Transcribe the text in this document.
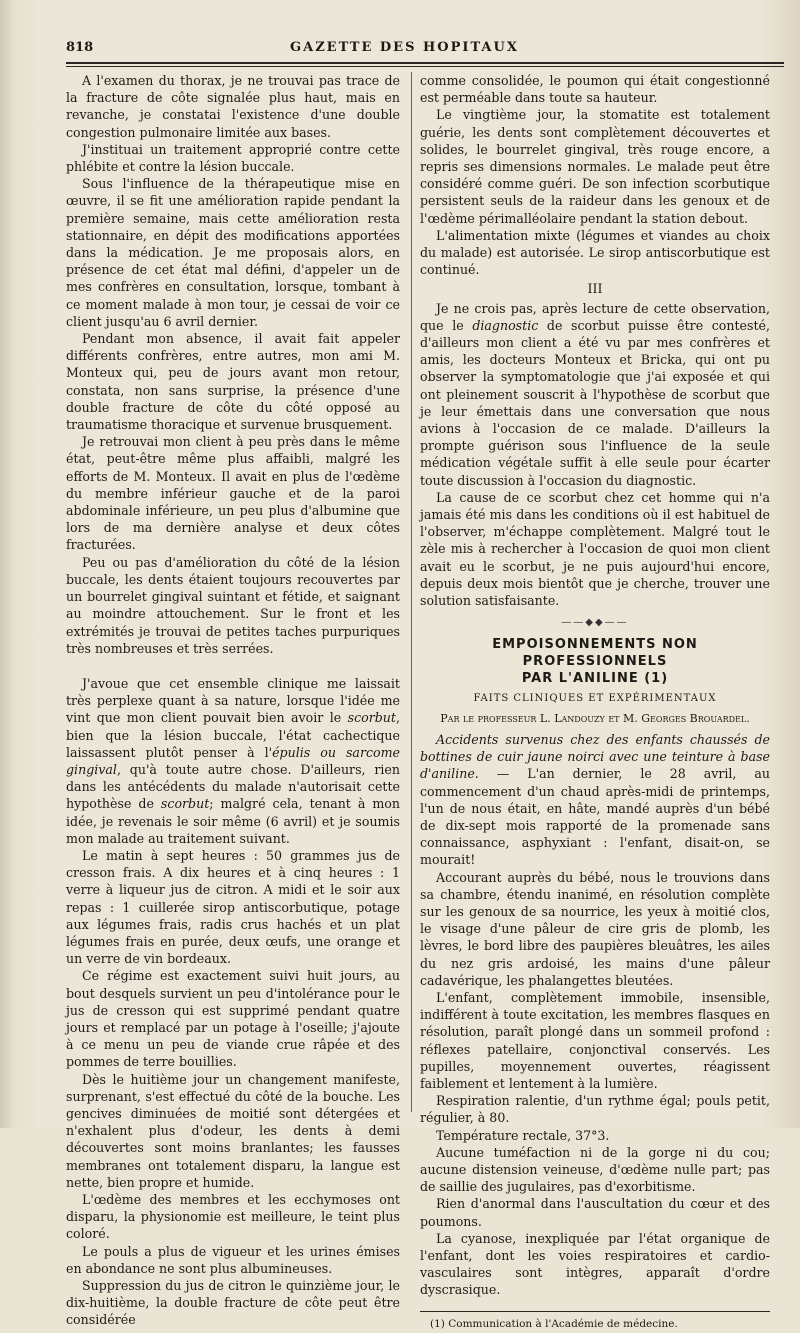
818	GAZETTE DES HOPITAUX

A l'examen du thorax, je ne trouvai pas trace de la fracture de côte signalée plus haut, mais en revanche, je constatai l'existence d'une double congestion pulmonaire limitée aux bases.

J'instituai un traitement approprié contre cette phlébite et contre la lésion buccale.

Sous l'influence de la thérapeutique mise en œuvre, il se fit une amélioration rapide pendant la première semaine, mais cette amélioration resta stationnaire, en dépit des modifications apportées dans la médication. Je me proposais alors, en présence de cet état mal défini, d'appeler un de mes confrères en consultation, lorsque, tombant à ce moment malade à mon tour, je cessai de voir ce client jusqu'au 6 avril dernier.

Pendant mon absence, il avait fait appeler différents confrères, entre autres, mon ami M. Monteux qui, peu de jours avant mon retour, constata, non sans surprise, la présence d'une double fracture de côte du côté opposé au traumatisme thoracique et survenue brusquement.

Je retrouvai mon client à peu près dans le même état, peut-être même plus affaibli, malgré les efforts de M. Monteux. Il avait en plus de l'œdème du membre inférieur gauche et de la paroi abdominale inférieure, un peu plus d'albumine que lors de ma dernière analyse et deux côtes fracturées.

Peu ou pas d'amélioration du côté de la lésion buccale, les dents étaient toujours recouvertes par un bourrelet gingival suintant et fétide, et saignant au moindre attouchement. Sur le front et les extrémités je trouvai de petites taches purpuriques très nombreuses et très serrées.

J'avoue que cet ensemble clinique me laissait très perplexe quant à sa nature, lorsque l'idée me vint que mon client pouvait bien avoir le scorbut, bien que la lésion buccale, l'état cachectique laissassent plutôt penser à l'épulis ou sarcome gingival, qu'à toute autre chose. D'ailleurs, rien dans les antécédents du malade n'autorisait cette hypothèse de scorbut; malgré cela, tenant à mon idée, je revenais le soir même (6 avril) et je soumis mon malade au traitement suivant.

Le matin à sept heures : 50 grammes jus de cresson frais. A dix heures et à cinq heures : 1 verre à liqueur jus de citron. A midi et le soir aux repas : 1 cuillerée sirop antiscorbutique, potage aux légumes frais, radis crus hachés et un plat légumes frais en purée, deux œufs, une orange et un verre de vin bordeaux.

Ce régime est exactement suivi huit jours, au bout desquels survient un peu d'intolérance pour le jus de cresson qui est supprimé pendant quatre jours et remplacé par un potage à l'oseille; j'ajoute à ce menu un peu de viande crue râpée et des pommes de terre bouillies.

Dès le huitième jour un changement manifeste, surprenant, s'est effectué du côté de la bouche. Les gencives diminuées de moitié sont détergées et n'exhalent plus d'odeur, les dents à demi découvertes sont moins branlantes; les fausses membranes ont totalement disparu, la langue est nette, bien propre et humide.

L'œdème des membres et les ecchymoses ont disparu, la physionomie est meilleure, le teint plus coloré.

Le pouls a plus de vigueur et les urines émises en abondance ne sont plus albumineuses.

Suppression du jus de citron le quinzième jour, le dix-huitième, la double fracture de côte peut être considérée

comme consolidée, le poumon qui était congestionné est perméable dans toute sa hauteur.

Le vingtième jour, la stomatite est totalement guérie, les dents sont complètement découvertes et solides, le bourrelet gingival, très rouge encore, a repris ses dimensions normales. Le malade peut être considéré comme guéri. De son infection scorbutique persistent seuls de la raideur dans les genoux et de l'œdème périmalléolaire pendant la station debout.

L'alimentation mixte (légumes et viandes au choix du malade) est autorisée. Le sirop antiscorbutique est continué.

III

Je ne crois pas, après lecture de cette observation, que le diagnostic de scorbut puisse être contesté, d'ailleurs mon client a été vu par mes confrères et amis, les docteurs Monteux et Bricka, qui ont pu observer la symptomatologie que j'ai exposée et qui ont pleinement souscrit à l'hypothèse de scorbut que je leur émettais dans une conversation que nous avions à l'occasion de ce malade. D'ailleurs la prompte guérison sous l'influence de la seule médication végétale suffit à elle seule pour écarter toute discussion à l'occasion du diagnostic.

La cause de ce scorbut chez cet homme qui n'a jamais été mis dans les conditions où il est habituel de l'observer, m'échappe complètement. Malgré tout le zèle mis à rechercher à l'occasion de quoi mon client avait eu le scorbut, je ne puis aujourd'hui encore, depuis deux mois bientôt que je cherche, trouver une solution satisfaisante.

——◆◆——
EMPOISONNEMENTS NON PROFESSIONNELS
PAR L'ANILINE (1)
FAITS CLINIQUES ET EXPÉRIMENTAUX
Par le professeur L. Landouzy et M. Georges Brouardel.

Accidents survenus chez des enfants chaussés de bottines de cuir jaune noirci avec une teinture à base d'aniline. — L'an dernier, le 28 avril, au commencement d'un chaud après-midi de printemps, l'un de nous était, en hâte, mandé auprès d'un bébé de dix-sept mois rapporté de la promenade sans connaissance, asphyxiant : l'enfant, disait-on, se mourait!

Accourant auprès du bébé, nous le trouvions dans sa chambre, étendu inanimé, en résolution complète sur les genoux de sa nourrice, les yeux à moitié clos, le visage d'une pâleur de cire gris de plomb, les lèvres, le bord libre des paupières bleuâtres, les ailes du nez gris ardoisé, les mains d'une pâleur cadavérique, les phalangettes bleutées.

L'enfant, complètement immobile, insensible, indifférent à toute excitation, les membres flasques en résolution, paraît plongé dans un sommeil profond : réflexes patellaire, conjonctival conservés. Les pupilles, moyennement ouvertes, réagissent faiblement et lentement à la lumière.

Respiration ralentie, d'un rythme égal; pouls petit, régulier, à 80.

Température rectale, 37°3.

Aucune tuméfaction ni de la gorge ni du cou; aucune distension veineuse, d'œdème nulle part; pas de saillie des jugulaires, pas d'exorbitisme.

Rien d'anormal dans l'auscultation du cœur et des poumons.

La cyanose, inexpliquée par l'état organique de l'enfant, dont les voies respiratoires et cardio-vasculaires sont intègres, apparaît d'ordre dyscrasique.

(1) Communication à l'Académie de médecine.
